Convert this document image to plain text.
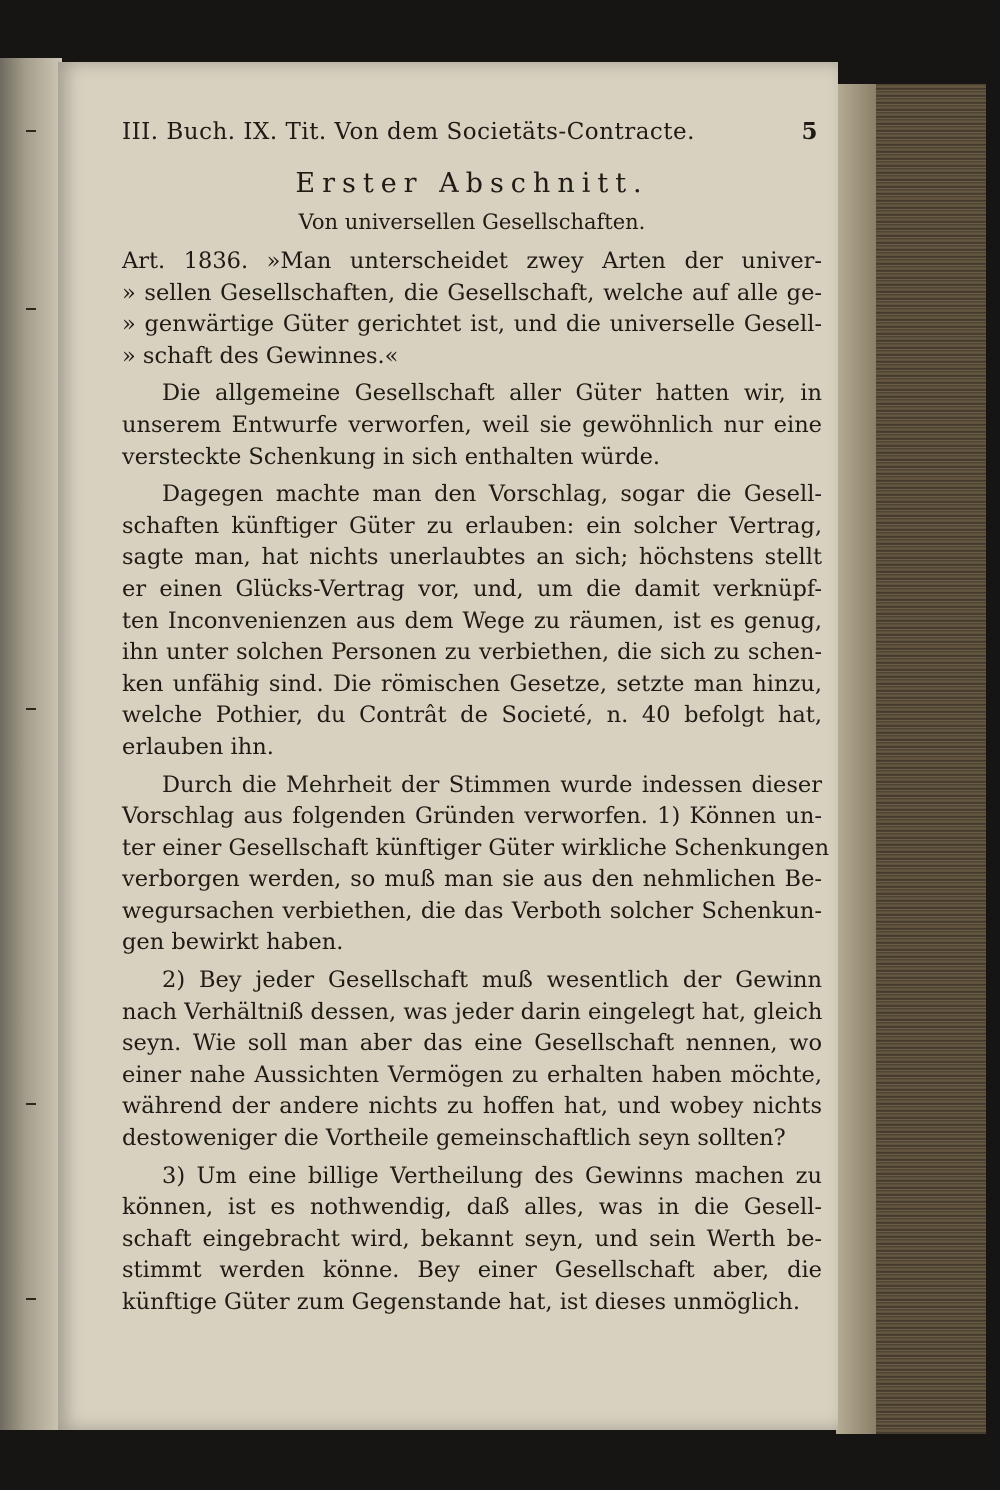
III. Buch. IX. Tit. Von dem Societäts-Contracte.	5
Erster Abschnitt.
Von universellen Gesellschaften.
Art. 1836. »Man unterscheidet zwey Arten der univer-
» sellen Gesellschaften, die Gesellschaft, welche auf alle ge-
» genwärtige Güter gerichtet ist, und die universelle Gesell-
» schaft des Gewinnes.«
Die allgemeine Gesellschaft aller Güter hatten wir, in
unserem Entwurfe verworfen, weil sie gewöhnlich nur eine
versteckte Schenkung in sich enthalten würde.
Dagegen machte man den Vorschlag, sogar die Gesell-
schaften künftiger Güter zu erlauben: ein solcher Vertrag,
sagte man, hat nichts unerlaubtes an sich; höchstens stellt
er einen Glücks-Vertrag vor, und, um die damit verknüpf-
ten Inconvenienzen aus dem Wege zu räumen, ist es genug,
ihn unter solchen Personen zu verbiethen, die sich zu schen-
ken unfähig sind. Die römischen Gesetze, setzte man hinzu,
welche Pothier, du Contrât de Societé, n. 40 befolgt hat,
erlauben ihn.
Durch die Mehrheit der Stimmen wurde indessen dieser
Vorschlag aus folgenden Gründen verworfen. 1) Können un-
ter einer Gesellschaft künftiger Güter wirkliche Schenkungen
verborgen werden, so muß man sie aus den nehmlichen Be-
wegursachen verbiethen, die das Verboth solcher Schenkun-
gen bewirkt haben.
2) Bey jeder Gesellschaft muß wesentlich der Gewinn
nach Verhältniß dessen, was jeder darin eingelegt hat, gleich
seyn. Wie soll man aber das eine Gesellschaft nennen, wo
einer nahe Aussichten Vermögen zu erhalten haben möchte,
während der andere nichts zu hoffen hat, und wobey nichts
destoweniger die Vortheile gemeinschaftlich seyn sollten?
3) Um eine billige Vertheilung des Gewinns machen zu
können, ist es nothwendig, daß alles, was in die Gesell-
schaft eingebracht wird, bekannt seyn, und sein Werth be-
stimmt werden könne. Bey einer Gesellschaft aber, die
künftige Güter zum Gegenstande hat, ist dieses unmöglich.
